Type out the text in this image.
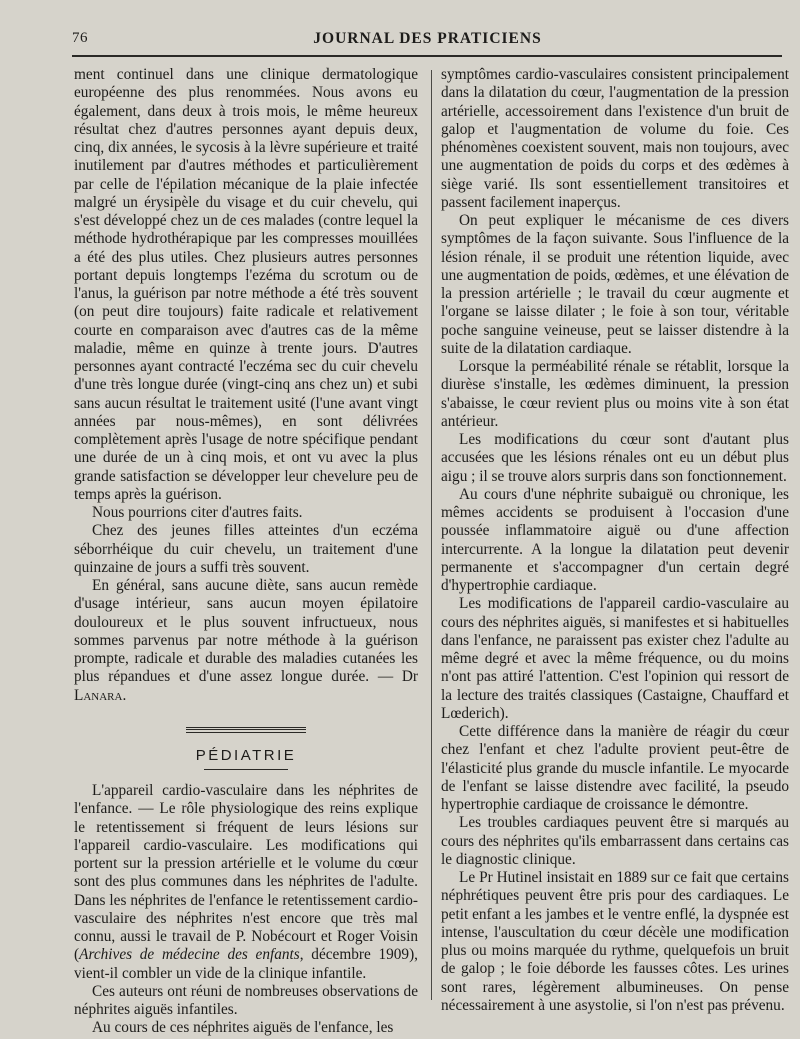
76	JOURNAL DES PRATICIENS

ment continuel dans une clinique dermatologique européenne des plus renommées. Nous avons eu également, dans deux à trois mois, le même heureux résultat chez d'autres personnes ayant depuis deux, cinq, dix années, le sycosis à la lèvre supérieure et traité inutilement par d'autres méthodes et particulièrement par celle de l'épilation mécanique de la plaie infectée malgré un érysipèle du visage et du cuir chevelu, qui s'est développé chez un de ces malades (contre lequel la méthode hydrothérapique par les compresses mouillées a été des plus utiles. Chez plusieurs autres personnes portant depuis longtemps l'ezéma du scrotum ou de l'anus, la guérison par notre méthode a été très souvent (on peut dire toujours) faite radicale et relativement courte en comparaison avec d'autres cas de la même maladie, même en quinze à trente jours. D'autres personnes ayant contracté l'eczéma sec du cuir chevelu d'une très longue durée (vingt-cinq ans chez un) et subi sans aucun résultat le traitement usité (l'une avant vingt années par nous-mêmes), en sont délivrées complètement après l'usage de notre spécifique pendant une durée de un à cinq mois, et ont vu avec la plus grande satisfaction se développer leur chevelure peu de temps après la guérison.

Nous pourrions citer d'autres faits.

Chez des jeunes filles atteintes d'un eczéma séborrhéique du cuir chevelu, un traitement d'une quinzaine de jours a suffi très souvent.

En général, sans aucune diète, sans aucun remède d'usage intérieur, sans aucun moyen épilatoire douloureux et le plus souvent infructueux, nous sommes parvenus par notre méthode à la guérison prompte, radicale et durable des maladies cutanées les plus répandues et d'une assez longue durée. — Dr Lanara.

PÉDIATRIE

L'appareil cardio-vasculaire dans les néphrites de l'enfance. — Le rôle physiologique des reins explique le retentissement si fréquent de leurs lésions sur l'appareil cardio-vasculaire. Les modifications qui portent sur la pression artérielle et le volume du cœur sont des plus communes dans les néphrites de l'adulte. Dans les néphrites de l'enfance le retentissement cardio-vasculaire des néphrites n'est encore que très mal connu, aussi le travail de P. Nobécourt et Roger Voisin (Archives de médecine des enfants, décembre 1909), vient-il combler un vide de la clinique infantile.

Ces auteurs ont réuni de nombreuses observations de néphrites aiguës infantiles.

Au cours de ces néphrites aiguës de l'enfance, les

symptômes cardio-vasculaires consistent principalement dans la dilatation du cœur, l'augmentation de la pression artérielle, accessoirement dans l'existence d'un bruit de galop et l'augmentation de volume du foie. Ces phénomènes coexistent souvent, mais non toujours, avec une augmentation de poids du corps et des œdèmes à siège varié. Ils sont essentiellement transitoires et passent facilement inaperçus.

On peut expliquer le mécanisme de ces divers symptômes de la façon suivante. Sous l'influence de la lésion rénale, il se produit une rétention liquide, avec une augmentation de poids, œdèmes, et une élévation de la pression artérielle ; le travail du cœur augmente et l'organe se laisse dilater ; le foie à son tour, véritable poche sanguine veineuse, peut se laisser distendre à la suite de la dilatation cardiaque.

Lorsque la perméabilité rénale se rétablit, lorsque la diurèse s'installe, les œdèmes diminuent, la pression s'abaisse, le cœur revient plus ou moins vite à son état antérieur.

Les modifications du cœur sont d'autant plus accusées que les lésions rénales ont eu un début plus aigu ; il se trouve alors surpris dans son fonctionnement.

Au cours d'une néphrite subaiguë ou chronique, les mêmes accidents se produisent à l'occasion d'une poussée inflammatoire aiguë ou d'une affection intercurrente. A la longue la dilatation peut devenir permanente et s'accompagner d'un certain degré d'hypertrophie cardiaque.

Les modifications de l'appareil cardio-vasculaire au cours des néphrites aiguës, si manifestes et si habituelles dans l'enfance, ne paraissent pas exister chez l'adulte au même degré et avec la même fréquence, ou du moins n'ont pas attiré l'attention. C'est l'opinion qui ressort de la lecture des traités classiques (Castaigne, Chauffard et Lœderich).

Cette différence dans la manière de réagir du cœur chez l'enfant et chez l'adulte provient peut-être de l'élasticité plus grande du muscle infantile. Le myocarde de l'enfant se laisse distendre avec facilité, la pseudo hypertrophie cardiaque de croissance le démontre.

Les troubles cardiaques peuvent être si marqués au cours des néphrites qu'ils embarrassent dans certains cas le diagnostic clinique.

Le Pr Hutinel insistait en 1889 sur ce fait que certains néphrétiques peuvent être pris pour des cardiaques. Le petit enfant a les jambes et le ventre enflé, la dyspnée est intense, l'auscultation du cœur décèle une modification plus ou moins marquée du rythme, quelquefois un bruit de galop ; le foie déborde les fausses côtes. Les urines sont rares, légèrement albumineuses. On pense nécessairement à une asystolie, si l'on n'est pas prévenu.
